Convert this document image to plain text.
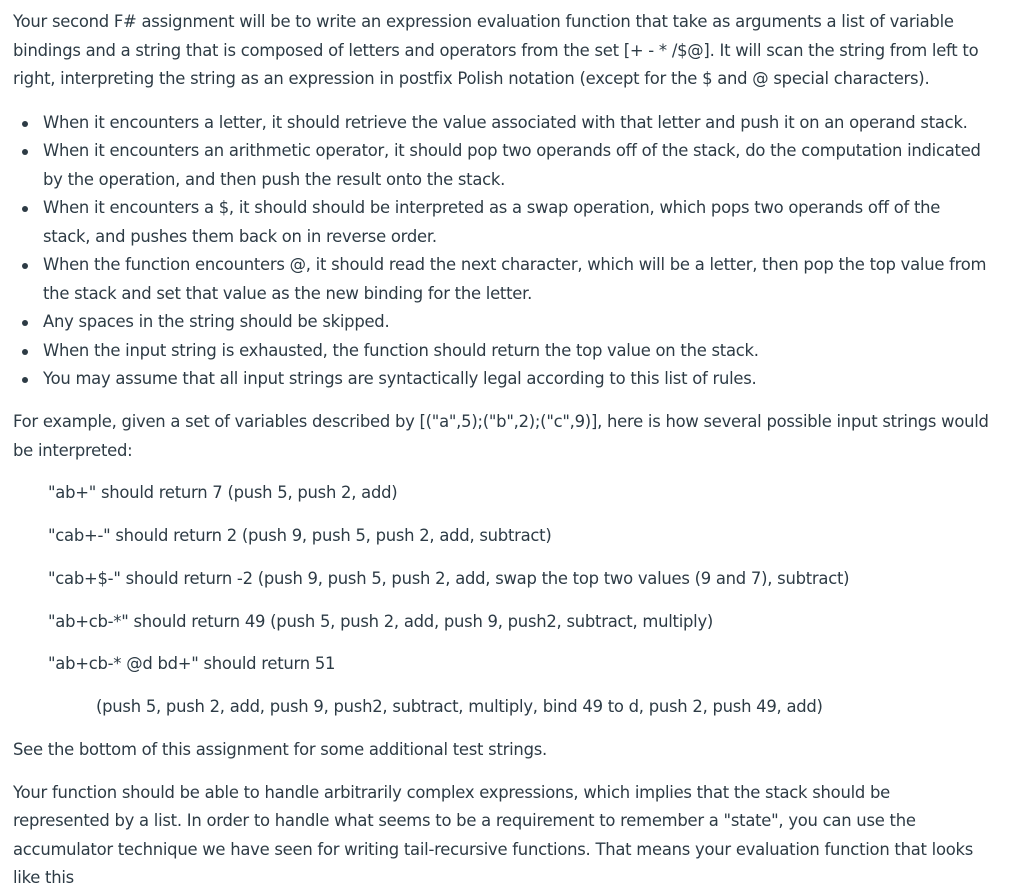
Your second F# assignment will be to write an expression evaluation function that take as arguments a list of variable

bindings and a string that is composed of letters and operators from the set [+ - * /$@]. It will scan the string from left to

right, interpreting the string as an expression in postfix Polish notation (except for the $ and @ special characters).

When it encounters a letter, it should retrieve the value associated with that letter and push it on an operand stack.

When it encounters an arithmetic operator, it should pop two operands off of the stack, do the computation indicated

by the operation, and then push the result onto the stack.

When it encounters a $, it should should be interpreted as a swap operation, which pops two operands off of the

stack, and pushes them back on in reverse order.

When the function encounters @, it should read the next character, which will be a letter, then pop the top value from

the stack and set that value as the new binding for the letter.

Any spaces in the string should be skipped.

When the input string is exhausted, the function should return the top value on the stack.

You may assume that all input strings are syntactically legal according to this list of rules.

For example, given a set of variables described by [("a",5);("b",2);("c",9)], here is how several possible input strings would

be interpreted:

"ab+" should return 7 (push 5, push 2, add)

"cab+-" should return 2 (push 9, push 5, push 2, add, subtract)

"cab+$-" should return -2 (push 9, push 5, push 2, add, swap the top two values (9 and 7), subtract)

"ab+cb-*" should return 49 (push 5, push 2, add, push 9, push2, subtract, multiply)

"ab+cb-* @d bd+" should return 51

(push 5, push 2, add, push 9, push2, subtract, multiply, bind 49 to d, push 2, push 49, add)

See the bottom of this assignment for some additional test strings.

Your function should be able to handle arbitrarily complex expressions, which implies that the stack should be

represented by a list. In order to handle what seems to be a requirement to remember a "state", you can use the

accumulator technique we have seen for writing tail-recursive functions. That means your evaluation function that looks

like this
